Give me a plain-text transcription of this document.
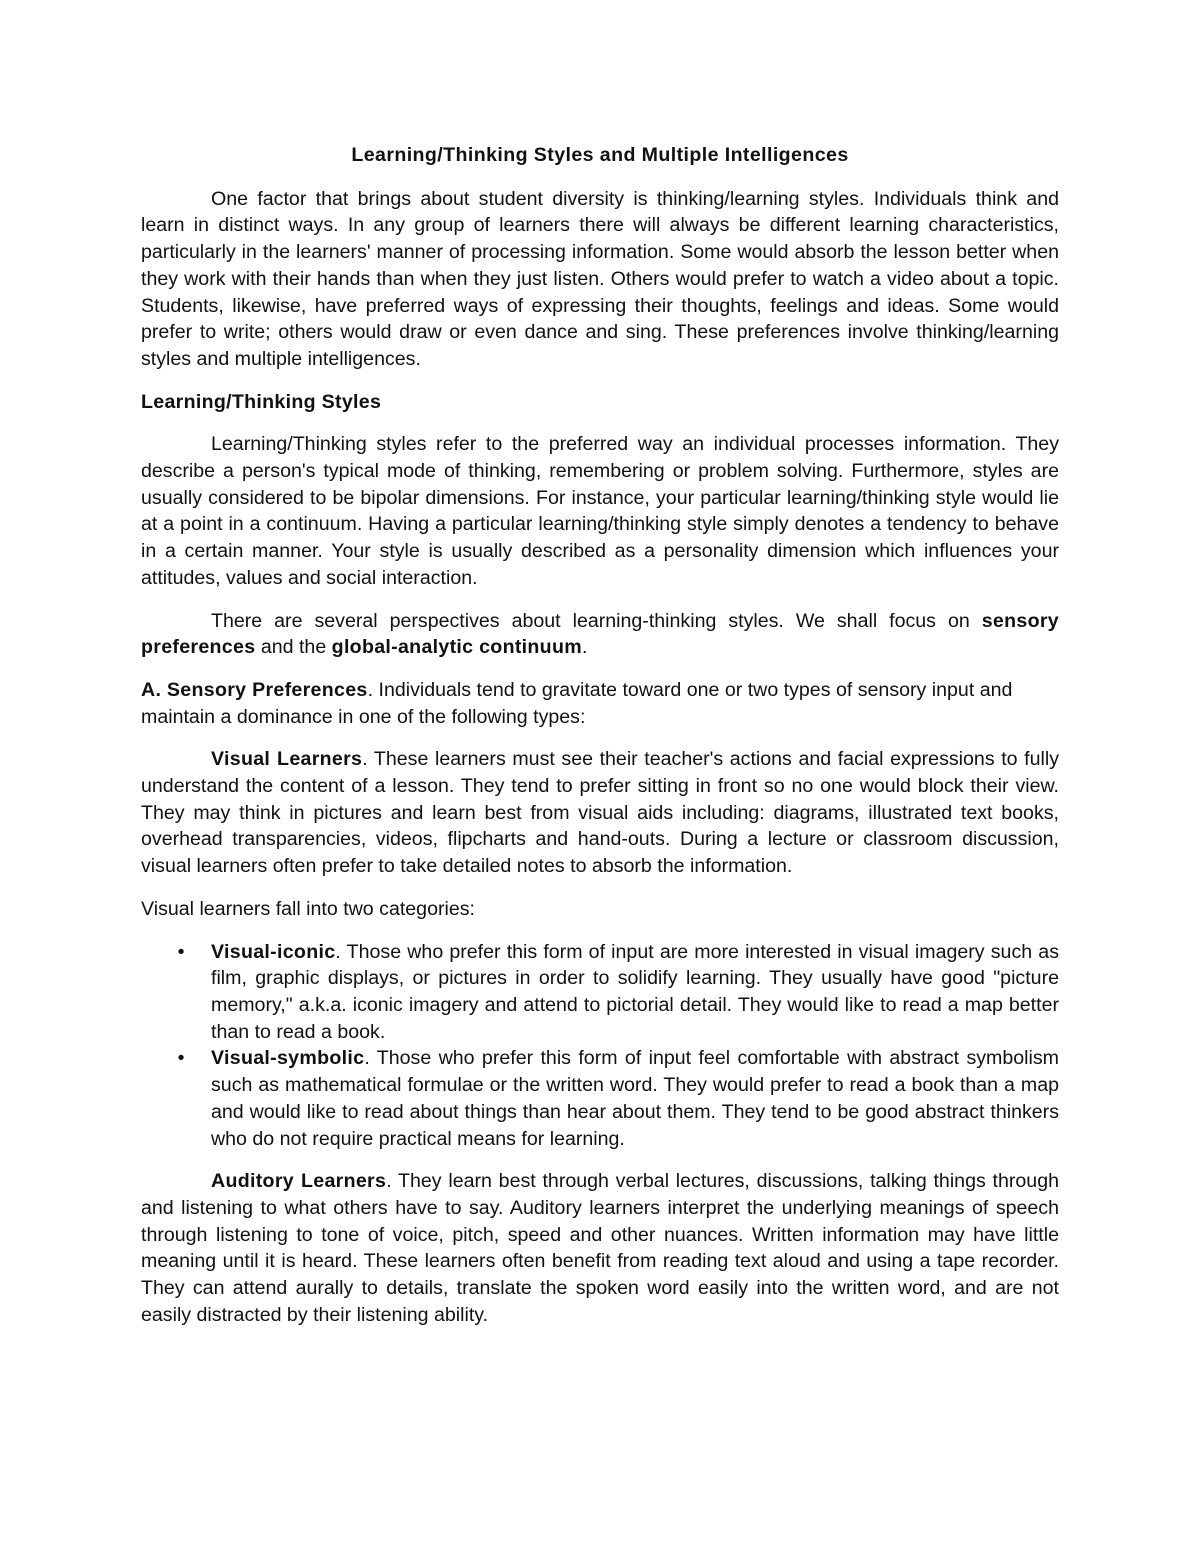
Learning/Thinking Styles and Multiple Intelligences

One factor that brings about student diversity is thinking/learning styles. Individuals think and learn in distinct ways. In any group of learners there will always be different learning characteristics, particularly in the learners' manner of processing information. Some would absorb the lesson better when they work with their hands than when they just listen. Others would prefer to watch a video about a topic. Students, likewise, have preferred ways of expressing their thoughts, feelings and ideas. Some would prefer to write; others would draw or even dance and sing. These preferences involve thinking/learning styles and multiple intelligences.

Learning/Thinking Styles

Learning/Thinking styles refer to the preferred way an individual processes information. They describe a person's typical mode of thinking, remembering or problem solving. Furthermore, styles are usually considered to be bipolar dimensions. For instance, your particular learning/thinking style would lie at a point in a continuum. Having a particular learning/thinking style simply denotes a tendency to behave in a certain manner. Your style is usually described as a personality dimension which influences your attitudes, values and social interaction.

There are several perspectives about learning-thinking styles. We shall focus on sensory preferences and the global-analytic continuum.

A. Sensory Preferences. Individuals tend to gravitate toward one or two types of sensory input and maintain a dominance in one of the following types:

Visual Learners. These learners must see their teacher's actions and facial expressions to fully understand the content of a lesson. They tend to prefer sitting in front so no one would block their view. They may think in pictures and learn best from visual aids including: diagrams, illustrated text books, overhead transparencies, videos, flipcharts and hand-outs. During a lecture or classroom discussion, visual learners often prefer to take detailed notes to absorb the information.

Visual learners fall into two categories:

• Visual-iconic. Those who prefer this form of input are more interested in visual imagery such as film, graphic displays, or pictures in order to solidify learning. They usually have good "picture memory," a.k.a. iconic imagery and attend to pictorial detail. They would like to read a map better than to read a book.
• Visual-symbolic. Those who prefer this form of input feel comfortable with abstract symbolism such as mathematical formulae or the written word. They would prefer to read a book than a map and would like to read about things than hear about them. They tend to be good abstract thinkers who do not require practical means for learning.

Auditory Learners. They learn best through verbal lectures, discussions, talking things through and listening to what others have to say. Auditory learners interpret the underlying meanings of speech through listening to tone of voice, pitch, speed and other nuances. Written information may have little meaning until it is heard. These learners often benefit from reading text aloud and using a tape recorder. They can attend aurally to details, translate the spoken word easily into the written word, and are not easily distracted by their listening ability.
